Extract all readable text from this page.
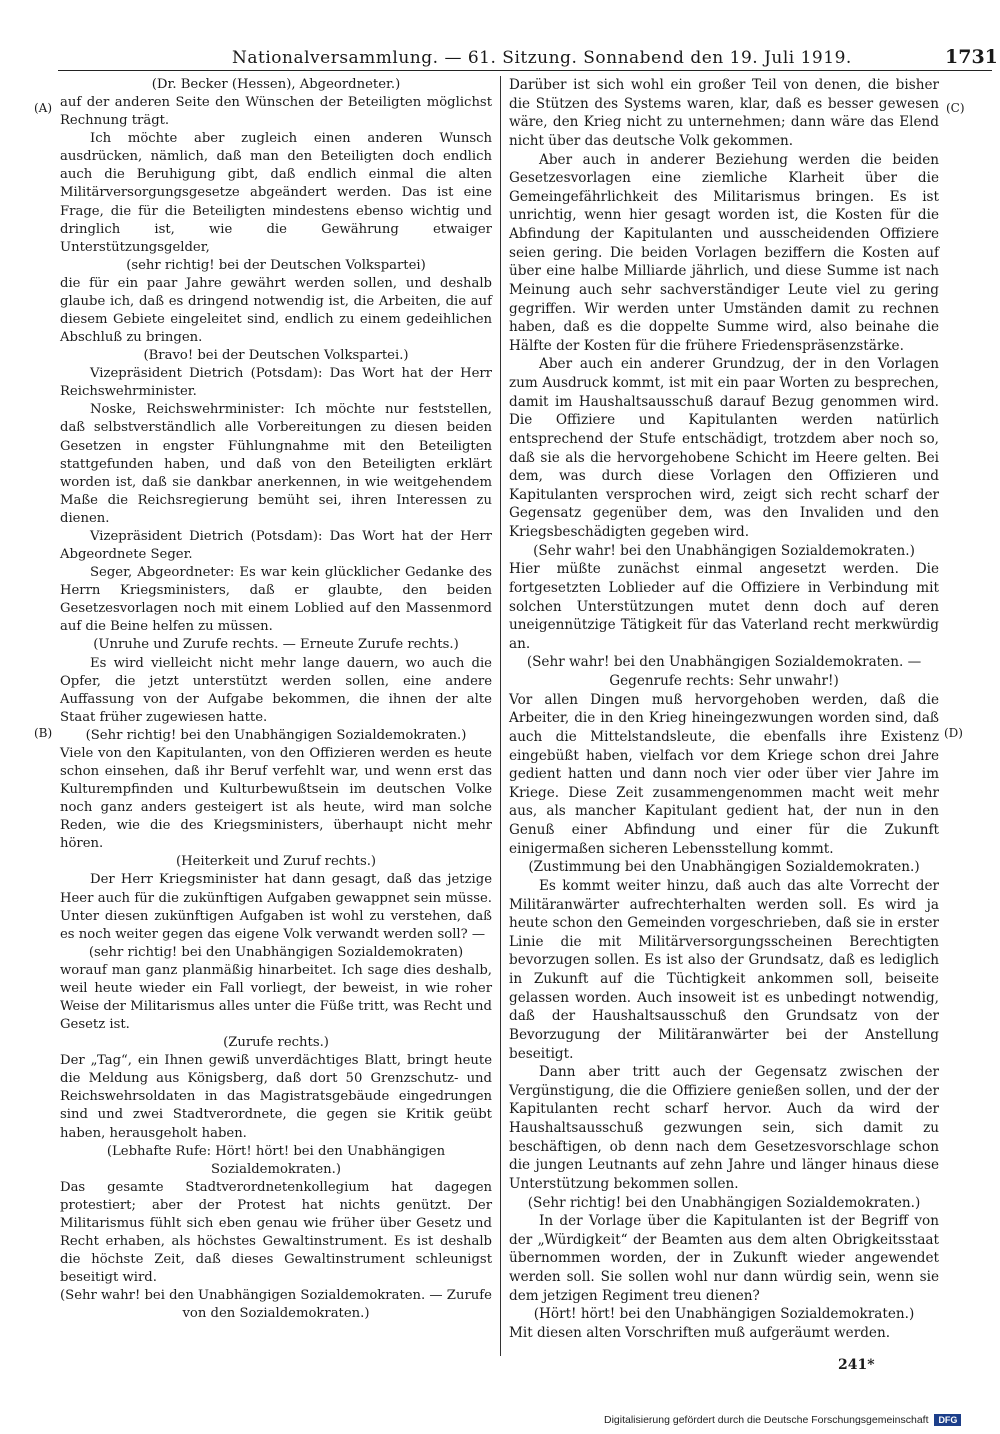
Nationalversammlung. — 61. Sitzung. Sonnabend den 19. Juli 1919.	1731
(A)
(B)
(C)
(D)

(Dr. Becker (Hessen), Abgeordneter.)

auf der anderen Seite den Wünschen der Beteiligten möglichst Rechnung trägt.

Ich möchte aber zugleich einen anderen Wunsch ausdrücken, nämlich, daß man den Beteiligten doch endlich auch die Beruhigung gibt, daß endlich einmal die alten Militärversorgungsgesetze abgeändert werden. Das ist eine Frage, die für die Beteiligten mindestens ebenso wichtig und dringlich ist, wie die Gewährung etwaiger Unterstützungsgelder,

(sehr richtig! bei der Deutschen Volkspartei)

die für ein paar Jahre gewährt werden sollen, und deshalb glaube ich, daß es dringend notwendig ist, die Arbeiten, die auf diesem Gebiete eingeleitet sind, endlich zu einem gedeihlichen Abschluß zu bringen.

(Bravo! bei der Deutschen Volkspartei.)

Vizepräsident Dietrich (Potsdam): Das Wort hat der Herr Reichswehrminister.

Noske, Reichswehrminister: Ich möchte nur feststellen, daß selbstverständlich alle Vorbereitungen zu diesen beiden Gesetzen in engster Fühlungnahme mit den Beteiligten stattgefunden haben, und daß von den Beteiligten erklärt worden ist, daß sie dankbar anerkennen, in wie weitgehendem Maße die Reichsregierung bemüht sei, ihren Interessen zu dienen.

Vizepräsident Dietrich (Potsdam): Das Wort hat der Herr Abgeordnete Seger.

Seger, Abgeordneter: Es war kein glücklicher Gedanke des Herrn Kriegsministers, daß er glaubte, den beiden Gesetzesvorlagen noch mit einem Loblied auf den Massenmord auf die Beine helfen zu müssen.

(Unruhe und Zurufe rechts. — Erneute Zurufe rechts.)

Es wird vielleicht nicht mehr lange dauern, wo auch die Opfer, die jetzt unterstützt werden sollen, eine andere Auffassung von der Aufgabe bekommen, die ihnen der alte Staat früher zugewiesen hatte.

(Sehr richtig! bei den Unabhängigen Sozialdemokraten.)

Viele von den Kapitulanten, von den Offizieren werden es heute schon einsehen, daß ihr Beruf verfehlt war, und wenn erst das Kulturempfinden und Kulturbewußtsein im deutschen Volke noch ganz anders gesteigert ist als heute, wird man solche Reden, wie die des Kriegsministers, überhaupt nicht mehr hören.

(Heiterkeit und Zuruf rechts.)

Der Herr Kriegsminister hat dann gesagt, daß das jetzige Heer auch für die zukünftigen Aufgaben gewappnet sein müsse. Unter diesen zukünftigen Aufgaben ist wohl zu verstehen, daß es noch weiter gegen das eigene Volk verwandt werden soll? —

(sehr richtig! bei den Unabhängigen Sozialdemokraten)

worauf man ganz planmäßig hinarbeitet. Ich sage dies deshalb, weil heute wieder ein Fall vorliegt, der beweist, in wie roher Weise der Militarismus alles unter die Füße tritt, was Recht und Gesetz ist.

(Zurufe rechts.)

Der „Tag“, ein Ihnen gewiß unverdächtiges Blatt, bringt heute die Meldung aus Königsberg, daß dort 50 Grenzschutz- und Reichswehrsoldaten in das Magistratsgebäude eingedrungen sind und zwei Stadtverordnete, die gegen sie Kritik geübt haben, herausgeholt haben.

(Lebhafte Rufe: Hört! hört! bei den Unabhängigen Sozialdemokraten.)

Das gesamte Stadtverordnetenkollegium hat dagegen protestiert; aber der Protest hat nichts genützt. Der Militarismus fühlt sich eben genau wie früher über Gesetz und Recht erhaben, als höchstes Gewaltinstrument. Es ist deshalb die höchste Zeit, daß dieses Gewaltinstrument schleunigst beseitigt wird.

(Sehr wahr! bei den Unabhängigen Sozialdemokraten. — Zurufe von den Sozialdemokraten.)

Darüber ist sich wohl ein großer Teil von denen, die bisher die Stützen des Systems waren, klar, daß es besser gewesen wäre, den Krieg nicht zu unternehmen; dann wäre das Elend nicht über das deutsche Volk gekommen.

Aber auch in anderer Beziehung werden die beiden Gesetzesvorlagen eine ziemliche Klarheit über die Gemeingefährlichkeit des Militarismus bringen. Es ist unrichtig, wenn hier gesagt worden ist, die Kosten für die Abfindung der Kapitulanten und ausscheidenden Offiziere seien gering. Die beiden Vorlagen beziffern die Kosten auf über eine halbe Milliarde jährlich, und diese Summe ist nach Meinung auch sehr sachverständiger Leute viel zu gering gegriffen. Wir werden unter Umständen damit zu rechnen haben, daß es die doppelte Summe wird, also beinahe die Hälfte der Kosten für die frühere Friedenspräsenzstärke.

Aber auch ein anderer Grundzug, der in den Vorlagen zum Ausdruck kommt, ist mit ein paar Worten zu besprechen, damit im Haushaltsausschuß darauf Bezug genommen wird. Die Offiziere und Kapitulanten werden natürlich entsprechend der Stufe entschädigt, trotzdem aber noch so, daß sie als die hervorgehobene Schicht im Heere gelten. Bei dem, was durch diese Vorlagen den Offizieren und Kapitulanten versprochen wird, zeigt sich recht scharf der Gegensatz gegenüber dem, was den Invaliden und den Kriegsbeschädigten gegeben wird.

(Sehr wahr! bei den Unabhängigen Sozialdemokraten.)

Hier müßte zunächst einmal angesetzt werden. Die fortgesetzten Loblieder auf die Offiziere in Verbindung mit solchen Unterstützungen mutet denn doch auf deren uneigennützige Tätigkeit für das Vaterland recht merkwürdig an.

(Sehr wahr! bei den Unabhängigen Sozialdemokraten. — Gegenrufe rechts: Sehr unwahr!)

Vor allen Dingen muß hervorgehoben werden, daß die Arbeiter, die in den Krieg hineingezwungen worden sind, daß auch die Mittelstandsleute, die ebenfalls ihre Existenz eingebüßt haben, vielfach vor dem Kriege schon drei Jahre gedient hatten und dann noch vier oder über vier Jahre im Kriege. Diese Zeit zusammengenommen macht weit mehr aus, als mancher Kapitulant gedient hat, der nun in den Genuß einer Abfindung und einer für die Zukunft einigermaßen sicheren Lebensstellung kommt.

(Zustimmung bei den Unabhängigen Sozialdemokraten.)

Es kommt weiter hinzu, daß auch das alte Vorrecht der Militäranwärter aufrechterhalten werden soll. Es wird ja heute schon den Gemeinden vorgeschrieben, daß sie in erster Linie die mit Militärversorgungsscheinen Berechtigten bevorzugen sollen. Es ist also der Grundsatz, daß es lediglich in Zukunft auf die Tüchtigkeit ankommen soll, beiseite gelassen worden. Auch insoweit ist es unbedingt notwendig, daß der Haushaltsausschuß den Grundsatz von der Bevorzugung der Militäranwärter bei der Anstellung beseitigt.

Dann aber tritt auch der Gegensatz zwischen der Vergünstigung, die die Offiziere genießen sollen, und der der Kapitulanten recht scharf hervor. Auch da wird der Haushaltsausschuß gezwungen sein, sich damit zu beschäftigen, ob denn nach dem Gesetzesvorschlage schon die jungen Leutnants auf zehn Jahre und länger hinaus diese Unterstützung bekommen sollen.

(Sehr richtig! bei den Unabhängigen Sozialdemokraten.)

In der Vorlage über die Kapitulanten ist der Begriff von der „Würdigkeit“ der Beamten aus dem alten Obrigkeitsstaat übernommen worden, der in Zukunft wieder angewendet werden soll. Sie sollen wohl nur dann würdig sein, wenn sie dem jetzigen Regiment treu dienen?

(Hört! hört! bei den Unabhängigen Sozialdemokraten.)

Mit diesen alten Vorschriften muß aufgeräumt werden.

241*
Digitalisierung gefördert durch die Deutsche Forschungsgemeinschaft DFG
